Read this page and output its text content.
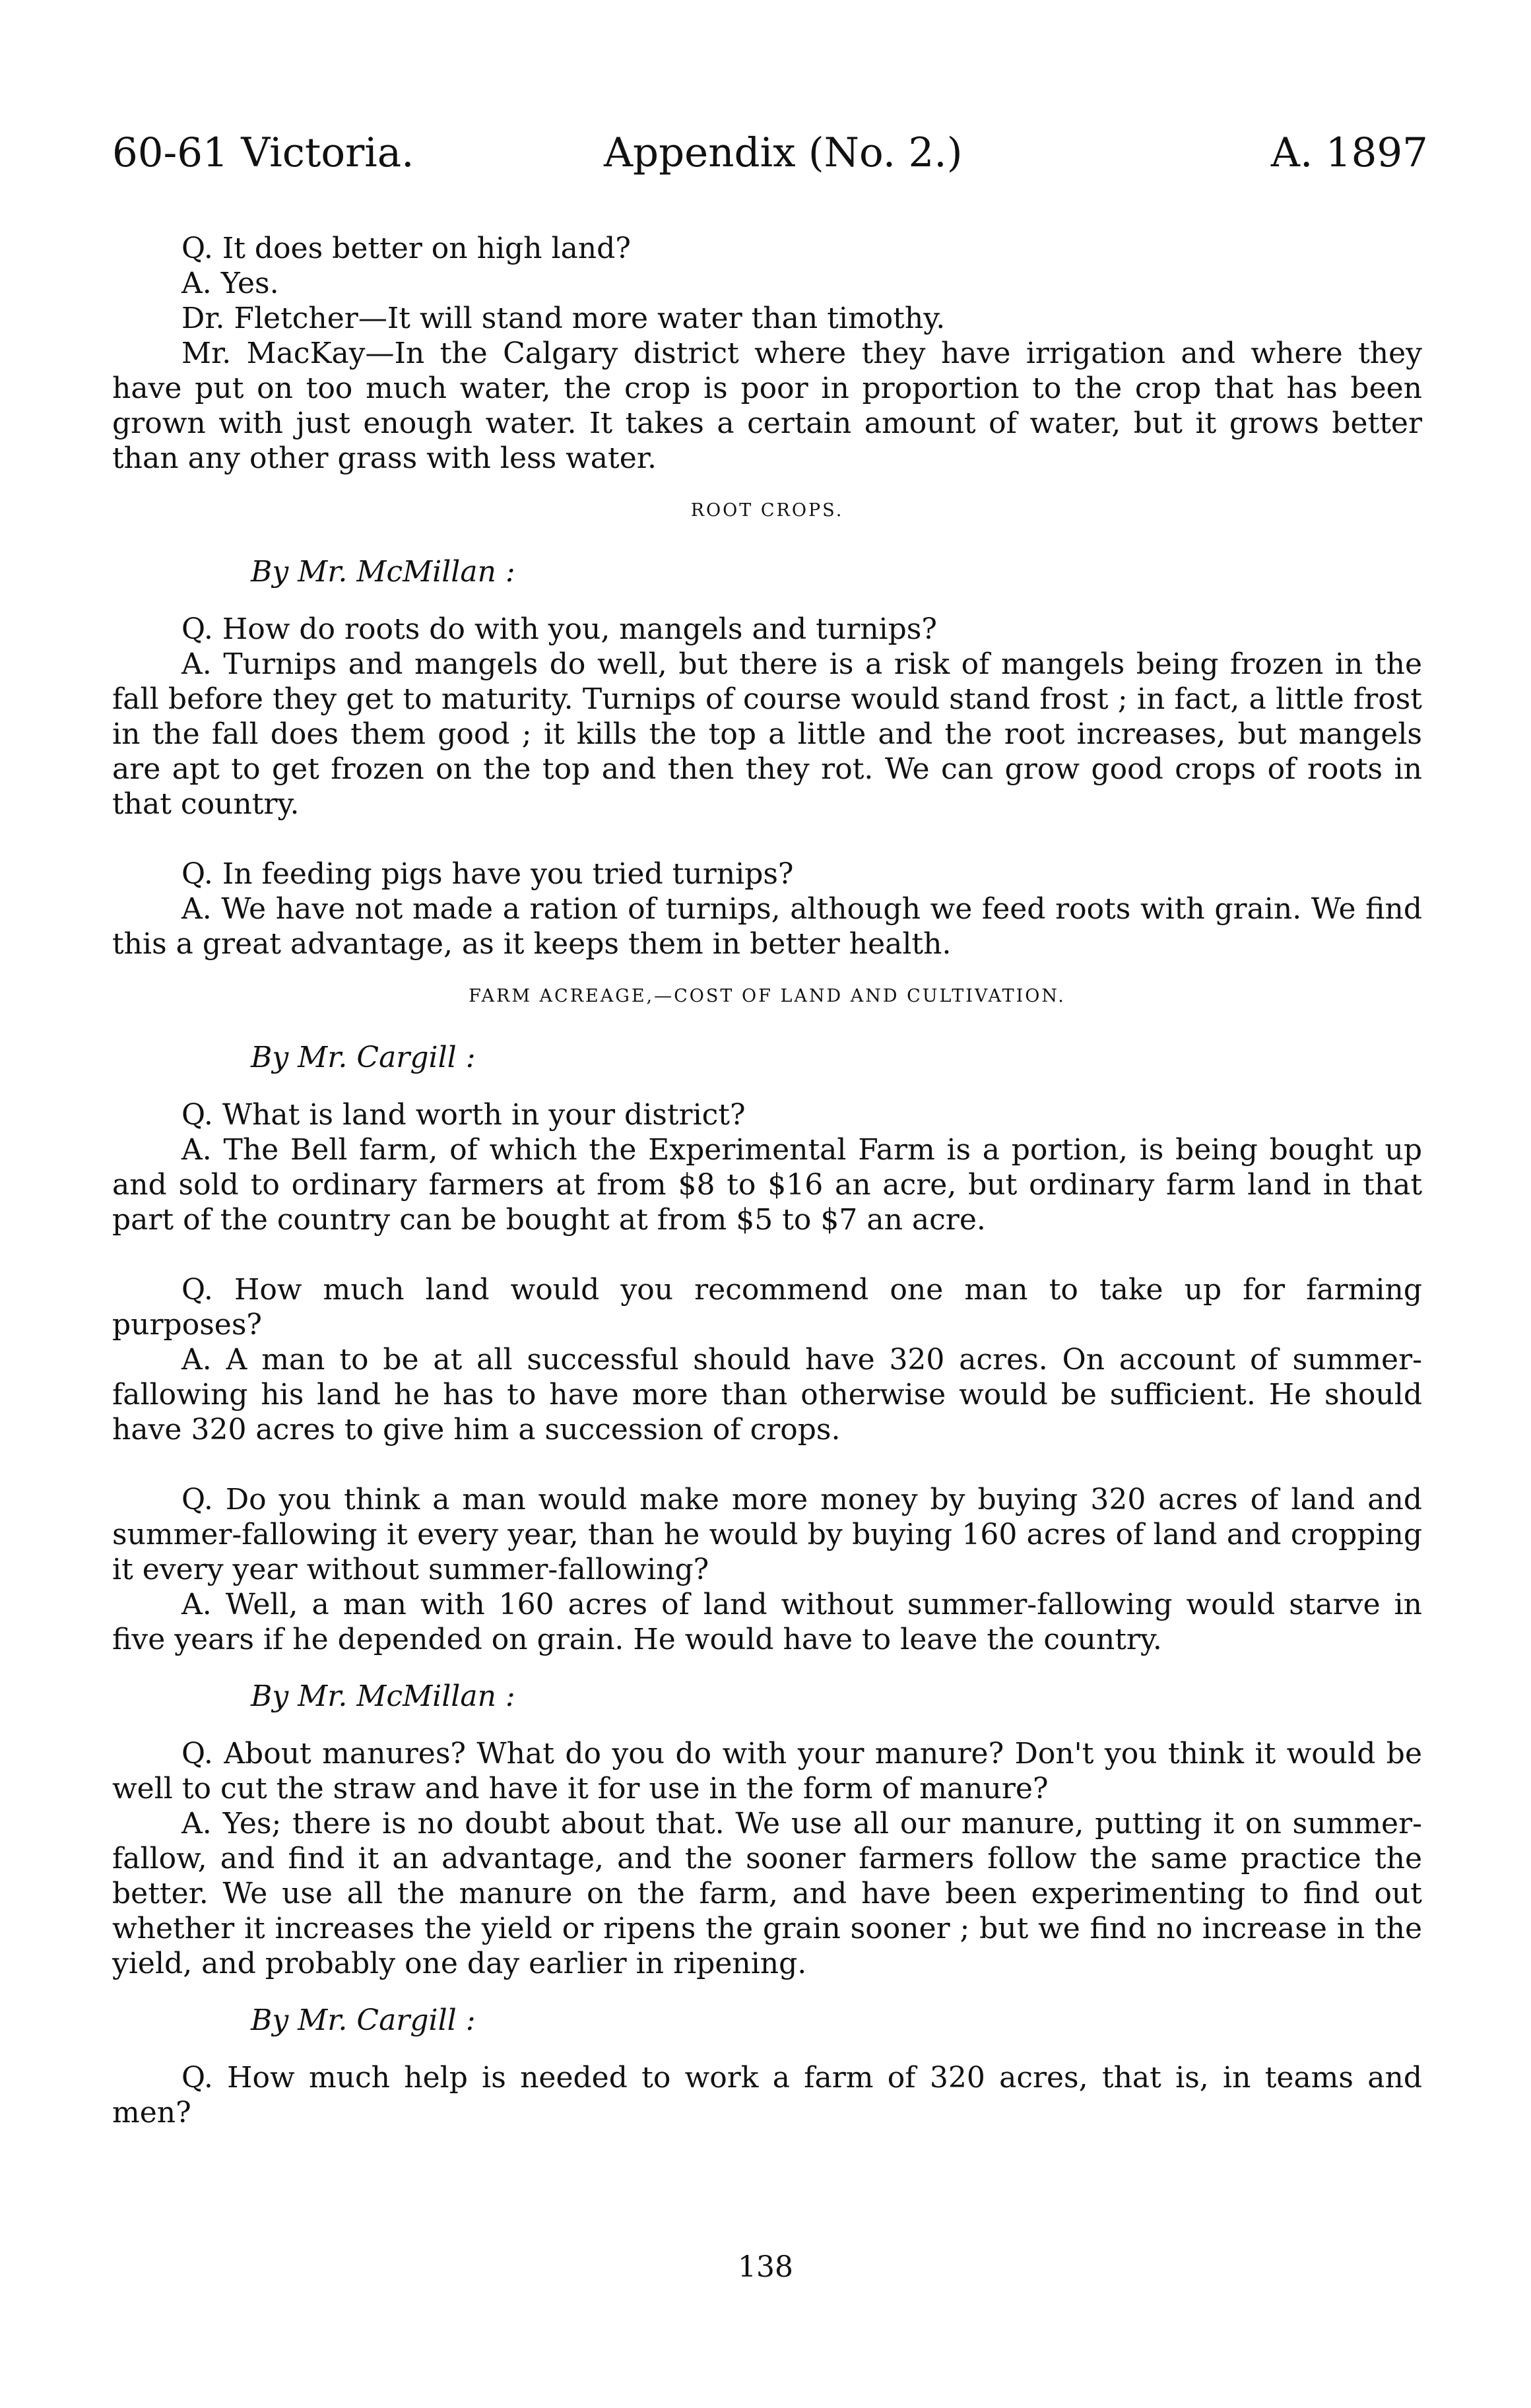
60-61 Victoria.	Appendix (No. 2.)	A. 1897

Q. It does better on high land?

A. Yes.

Dr. Fletcher—It will stand more water than timothy.

Mr. MacKay—In the Calgary district where they have irrigation and where they have put on too much water, the crop is poor in proportion to the crop that has been grown with just enough water. It takes a certain amount of water, but it grows better than any other grass with less water.

ROOT CROPS.

By Mr. McMillan :

Q. How do roots do with you, mangels and turnips?

A. Turnips and mangels do well, but there is a risk of mangels being frozen in the fall before they get to maturity. Turnips of course would stand frost ; in fact, a little frost in the fall does them good ; it kills the top a little and the root increases, but mangels are apt to get frozen on the top and then they rot. We can grow good crops of roots in that country.

Q. In feeding pigs have you tried turnips?

A. We have not made a ration of turnips, although we feed roots with grain. We find this a great advantage, as it keeps them in better health.

FARM ACREAGE,—COST OF LAND AND CULTIVATION.

By Mr. Cargill :

Q. What is land worth in your district?

A. The Bell farm, of which the Experimental Farm is a portion, is being bought up and sold to ordinary farmers at from $8 to $16 an acre, but ordinary farm land in that part of the country can be bought at from $5 to $7 an acre.

Q. How much land would you recommend one man to take up for farming purposes?

A. A man to be at all successful should have 320 acres. On account of summer-fallowing his land he has to have more than otherwise would be sufficient. He should have 320 acres to give him a succession of crops.

Q. Do you think a man would make more money by buying 320 acres of land and summer-fallowing it every year, than he would by buying 160 acres of land and cropping it every year without summer-fallowing?

A. Well, a man with 160 acres of land without summer-fallowing would starve in five years if he depended on grain. He would have to leave the country.

By Mr. McMillan :

Q. About manures? What do you do with your manure? Don't you think it would be well to cut the straw and have it for use in the form of manure?

A. Yes; there is no doubt about that. We use all our manure, putting it on summer-fallow, and find it an advantage, and the sooner farmers follow the same practice the better. We use all the manure on the farm, and have been experimenting to find out whether it increases the yield or ripens the grain sooner ; but we find no increase in the yield, and probably one day earlier in ripening.

By Mr. Cargill :

Q. How much help is needed to work a farm of 320 acres, that is, in teams and men?

138
